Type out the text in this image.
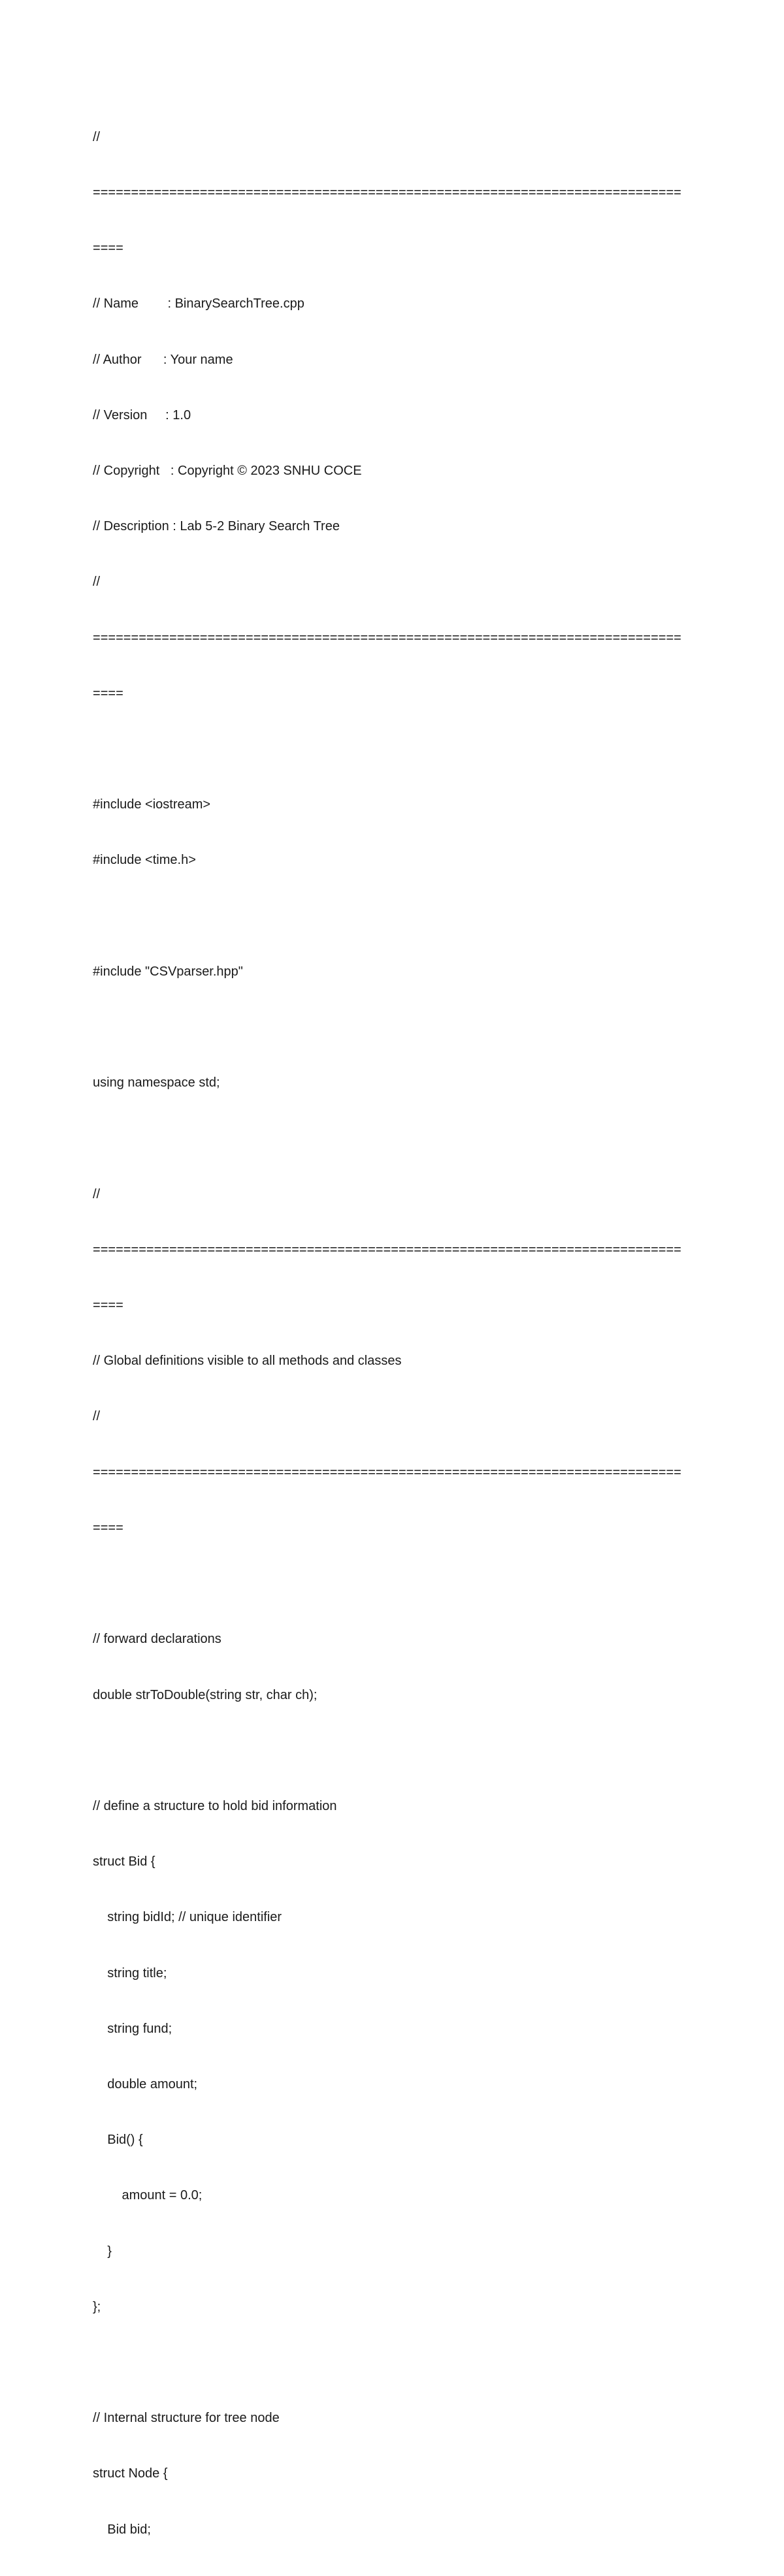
//

=============================================================================

====

// Name        : BinarySearchTree.cpp

// Author      : Your name

// Version     : 1.0

// Copyright   : Copyright © 2023 SNHU COCE

// Description : Lab 5-2 Binary Search Tree

//

=============================================================================

====

#include <iostream>

#include <time.h>

#include "CSVparser.hpp"

using namespace std;

//

=============================================================================

====

// Global definitions visible to all methods and classes

//

=============================================================================

====

// forward declarations

double strToDouble(string str, char ch);

// define a structure to hold bid information

struct Bid {

string bidId; // unique identifier

string title;

string fund;

double amount;

Bid() {

amount = 0.0;

}

};

// Internal structure for tree node

struct Node {

Bid bid;
